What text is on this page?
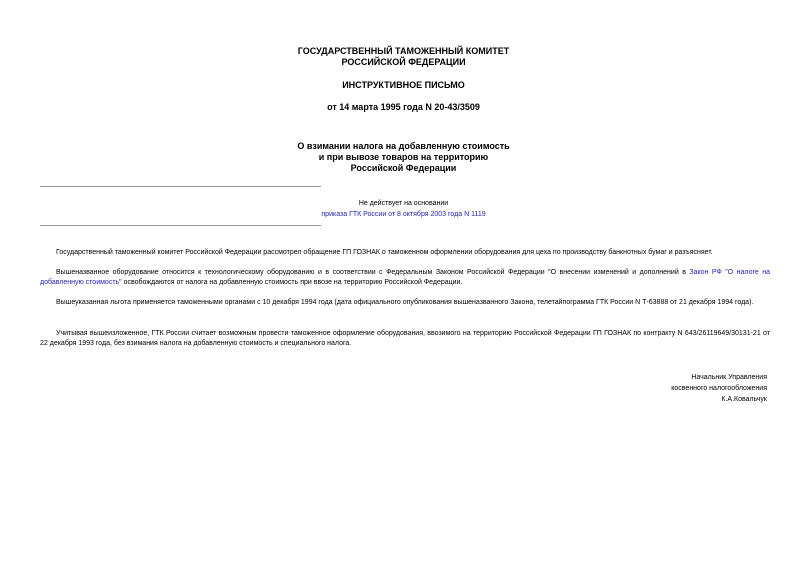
ГОСУДАРСТВЕННЫЙ ТАМОЖЕННЫЙ КОМИТЕТ
РОССИЙСКОЙ ФЕДЕРАЦИИ
ИНСТРУКТИВНОЕ ПИСЬМО
от 14 марта 1995 года N 20-43/3509
О взимании налога на добавленную стоимость
и при вывозе товаров на территорию
Российской Федерации
Не действует на основании
приказа ГТК России от 8 октября 2003 года N 1119
Государственный таможенный комитет Российской Федерации рассмотрел обращение ГП ГОЗНАК о таможенном оформлении оборудования для цеха по производству банкнотных бумаг и разъясняет.
Вышеназванное оборудование относится к технологическому оборудованию и в соответствии с Федеральным Законом Российской Федерации "О внесении изменений и дополнений в Закон РФ "О налоге на добавленную стоимость" освобождаются от налога на добавленную стоимость при ввозе на территорию Российской Федерации.
Вышеуказанная льгота применяется таможенными органами с 10 декабря 1994 года (дата официального опубликования вышеназванного Закона, телетайпограмма ГТК России N Т-63888 от 21 декабря 1994 года).
Учитывая вышеизложенное, ГТК России считает возможным провести таможенное оформление оборудования, ввозимого на территорию Российской Федерации ГП ГОЗНАК по контракту N 643/26119649/30131-21 от 22 декабря 1993 года, без взимания налога на добавленную стоимость и специального налога.
Начальник Управления
косвенного налогообложения
К.А.Ковальчук
